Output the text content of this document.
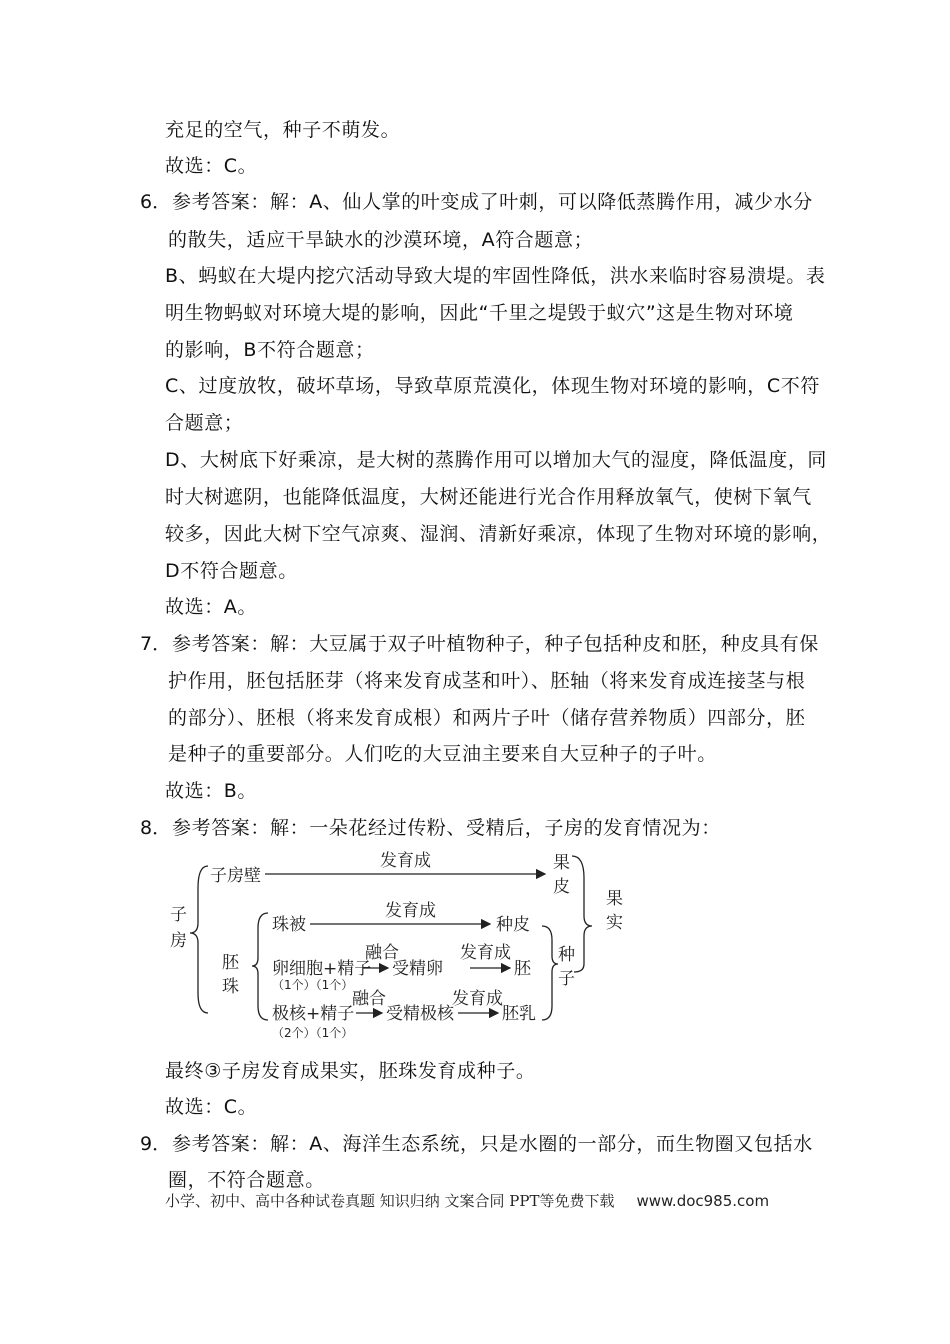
充足的空气，种子不萌发。
故选：C。
6． 参考答案：解：A、仙人掌的叶变成了叶刺，可以降低蒸腾作用，减少水分
的散失，适应干旱缺水的沙漠环境，A符合题意；
B、蚂蚁在大堤内挖穴活动导致大堤的牢固性降低，洪水来临时容易溃堤。表
明生物蚂蚁对环境大堤的影响，因此“千里之堤毁于蚁穴”这是生物对环境
的影响，B不符合题意；
C、过度放牧，破坏草场，导致草原荒漠化，体现生物对环境的影响，C不符
合题意；
D、大树底下好乘凉，是大树的蒸腾作用可以增加大气的湿度，降低温度，同
时大树遮阴，也能降低温度，大树还能进行光合作用释放氧气，使树下氧气
较多，因此大树下空气凉爽、湿润、清新好乘凉，体现了生物对环境的影响，
D不符合题意。
故选：A。
7． 参考答案：解：大豆属于双子叶植物种子，种子包括种皮和胚，种皮具有保
护作用，胚包括胚芽（将来发育成茎和叶）、胚轴（将来发育成连接茎与根
的部分）、胚根（将来发育成根）和两片子叶（储存营养物质）四部分，胚
是种子的重要部分。人们吃的大豆油主要来自大豆种子的子叶。
故选：B。
8． 参考答案：解：一朵花经过传粉、受精后，子房的发育情况为：
子
房
子房壁
发育成	果
皮
果
实
胚
珠
珠被
发育成
种皮
卵细胞+精子
融合
受精卵
发育成
胚
种
子
极核+精子
融合
受精极核
发育成
胚乳
（1个）（1个）
（2个）（1个）
最终③子房发育成果实，胚珠发育成种子。
故选：C。
9． 参考答案：解：A、海洋生态系统，只是水圈的一部分，而生物圈又包括水
圈，不符合题意。
小学、初中、高中各种试卷真题 知识归纳 文案合同 PPT等免费下载 www.doc985.com
